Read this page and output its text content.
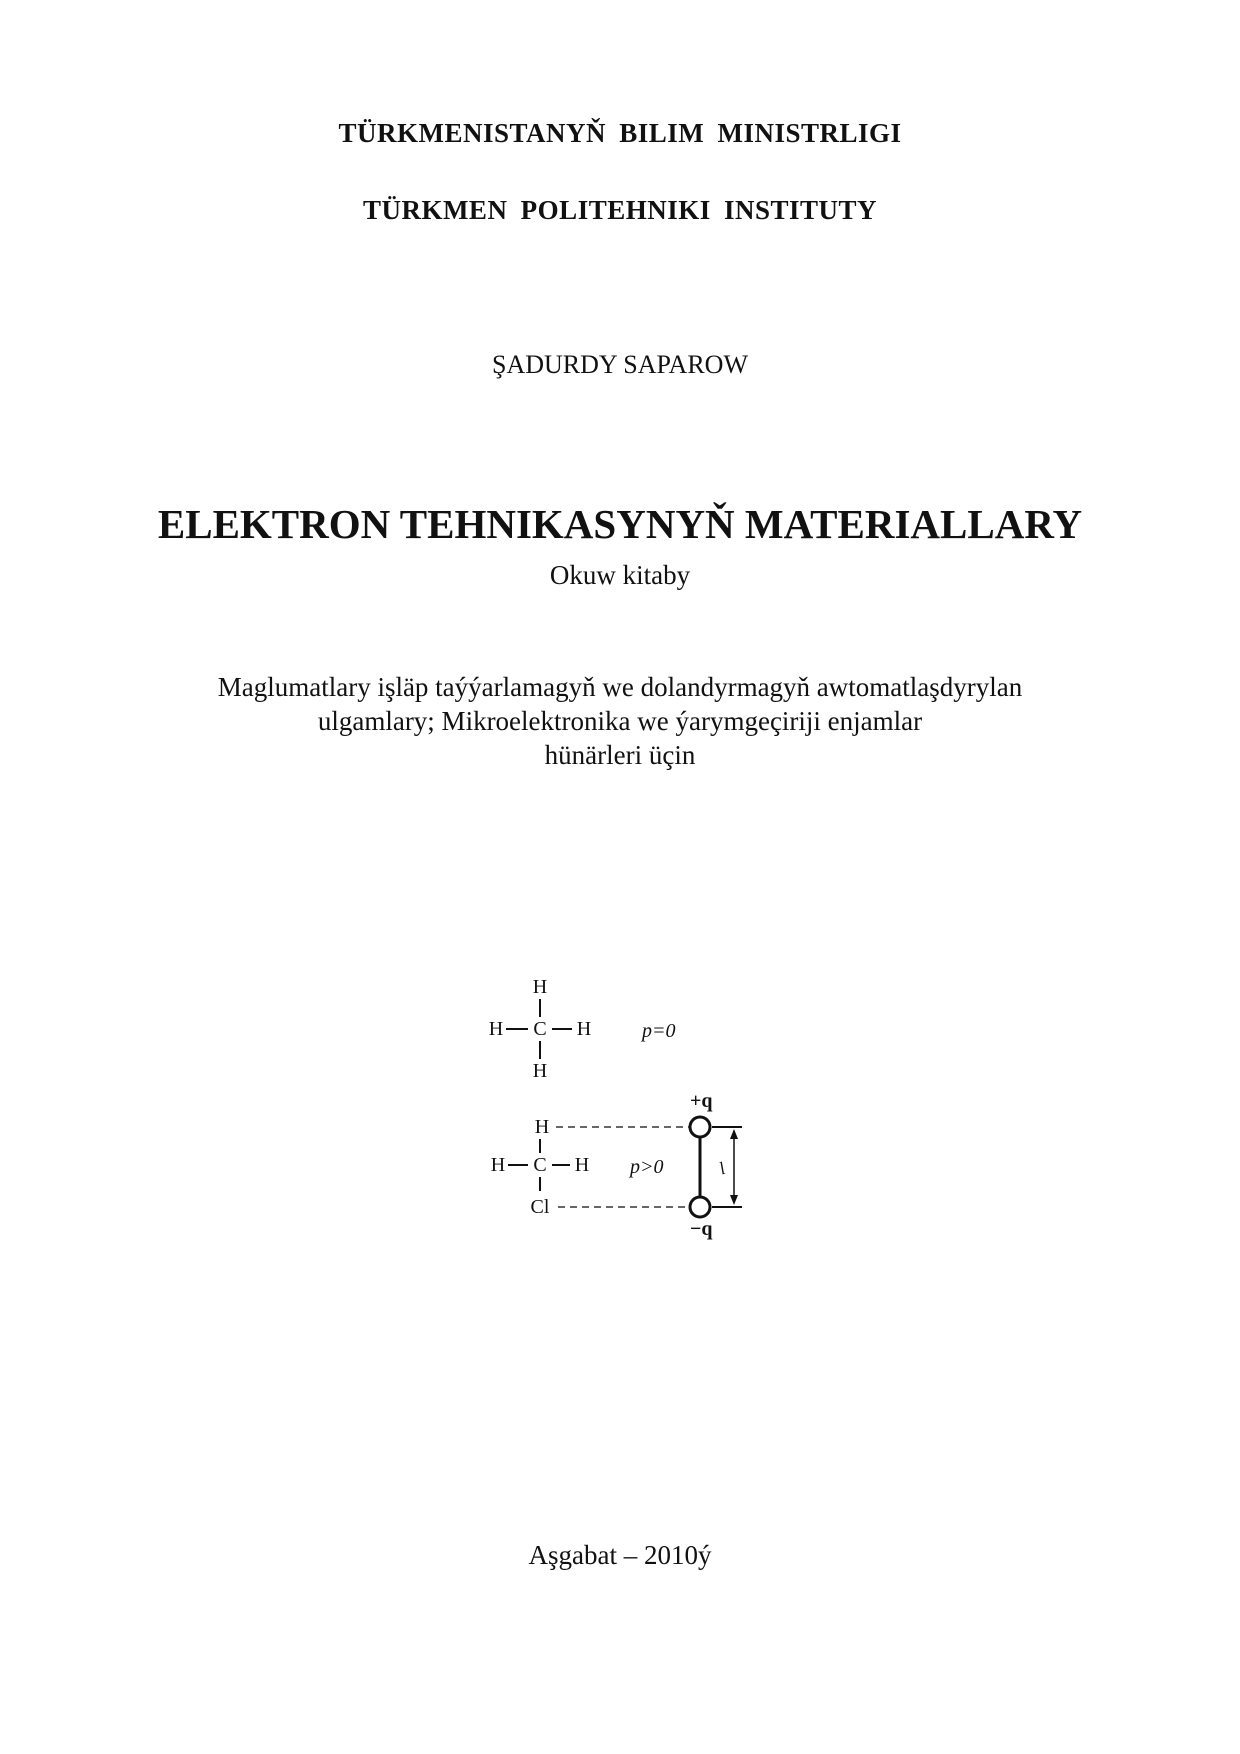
TÜRKMENISTANYŇ BILIM MINISTRLIGI
TÜRKMEN POLITEHNIKI INSTITUTY
ŞADURDY SAPAROW
ELEKTRON TEHNIKASYNYŇ MATERIALLARY
Okuw kitaby
Maglumatlary işläp taýýarlamagyň we dolandyrmagyň awtomatlaşdyrylan
ulgamlary; Mikroelektronika we ýarymgeçiriji enjamlar
hünärleri üçin
H
H C H
H
p=0
H
H C H
Cl
p>0
+q
−q
l
Aşgabat – 2010ý
